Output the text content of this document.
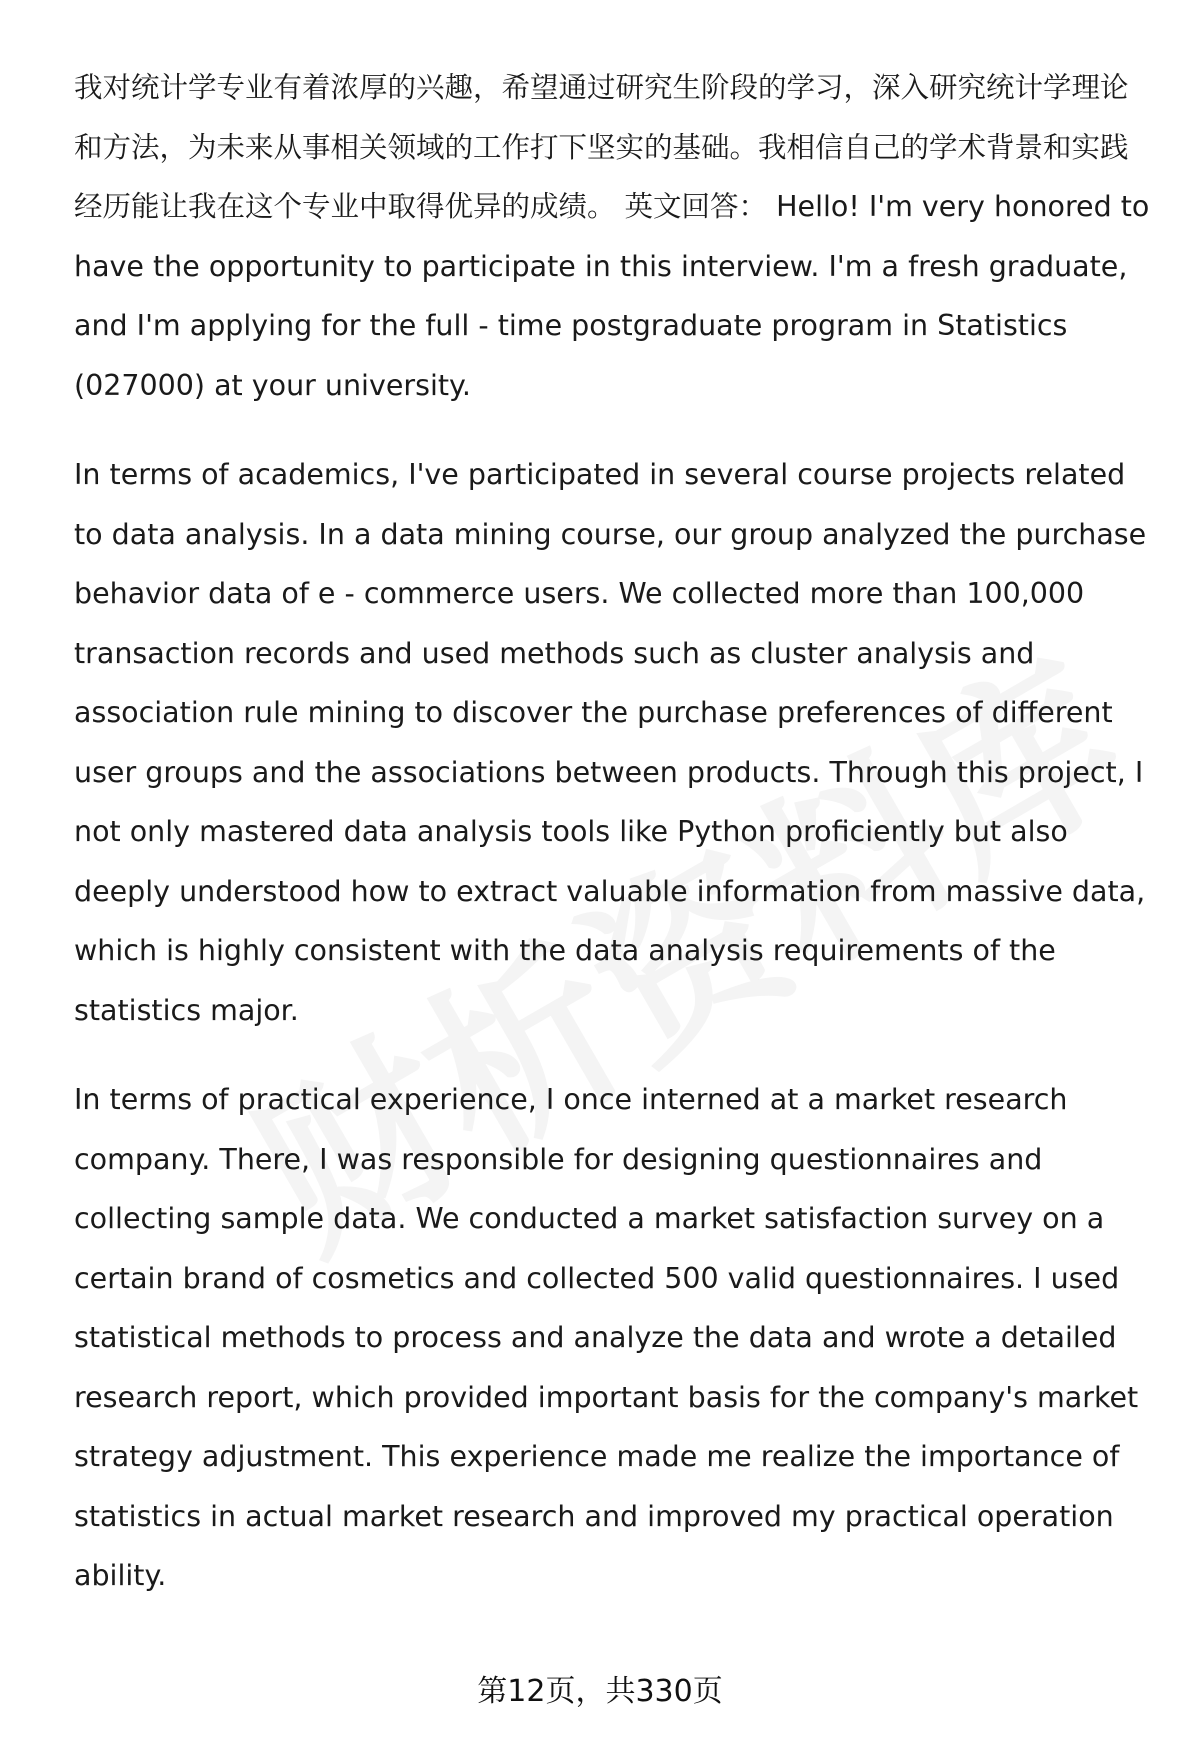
我对统计学专业有着浓厚的兴趣，希望通过研究生阶段的学习，深入研究统计学理论和方法，为未来从事相关领域的工作打下坚实的基础。我相信自己的学术背景和实践经历能让我在这个专业中取得优异的成绩。 英文回答： Hello! I'm very honored to have the opportunity to participate in this interview. I'm a fresh graduate, and I'm applying for the full - time postgraduate program in Statistics (027000) at your university.

In terms of academics, I've participated in several course projects related to data analysis. In a data mining course, our group analyzed the purchase behavior data of e - commerce users. We collected more than 100,000 transaction records and used methods such as cluster analysis and association rule mining to discover the purchase preferences of different user groups and the associations between products. Through this project, I not only mastered data analysis tools like Python proficiently but also deeply understood how to extract valuable information from massive data, which is highly consistent with the data analysis requirements of the statistics major.

In terms of practical experience, I once interned at a market research company. There, I was responsible for designing questionnaires and collecting sample data. We conducted a market satisfaction survey on a certain brand of cosmetics and collected 500 valid questionnaires. I used statistical methods to process and analyze the data and wrote a detailed research report, which provided important basis for the company's market strategy adjustment. This experience made me realize the importance of statistics in actual market research and improved my practical operation ability.

第12页，共330页
